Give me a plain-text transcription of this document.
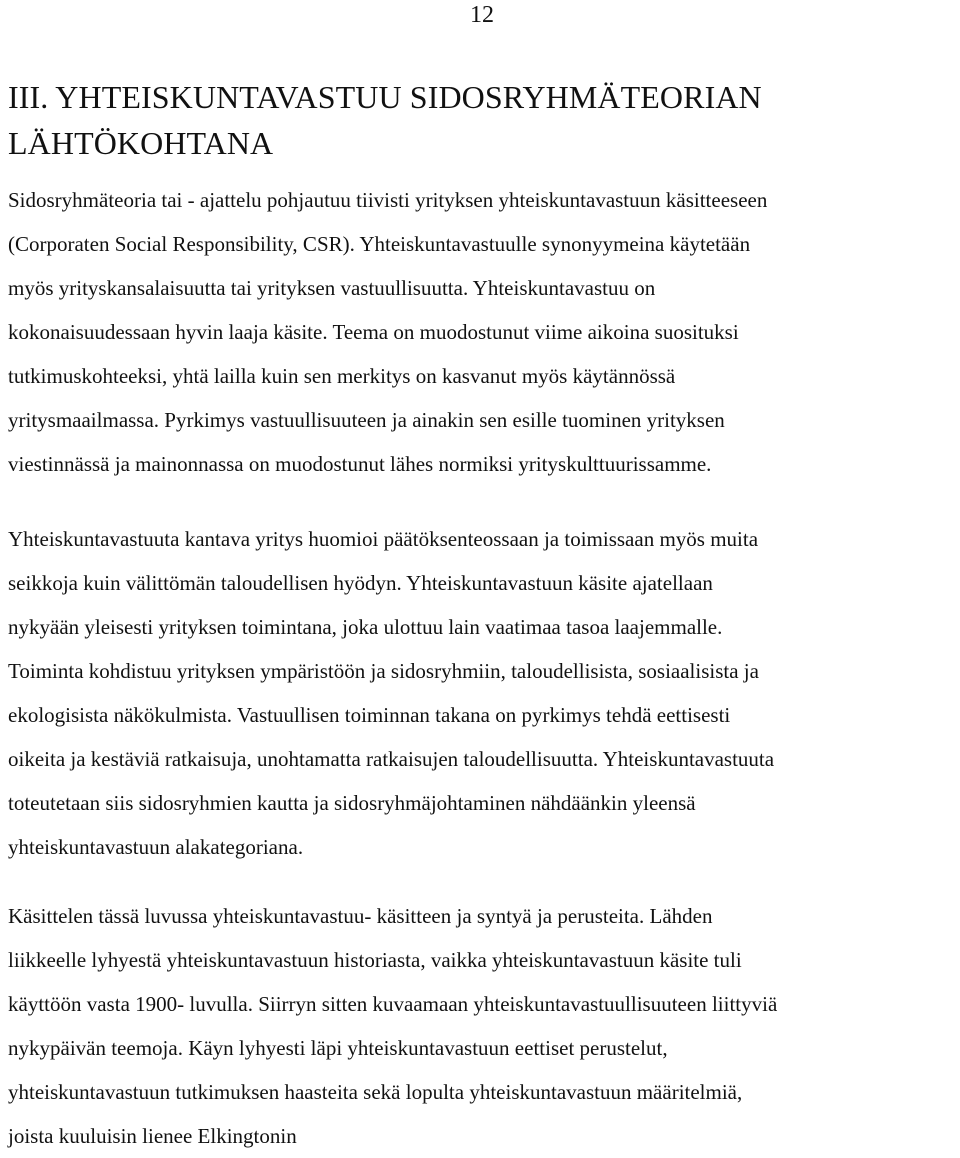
12
III. YHTEISKUNTAVASTUU SIDOSRYHMÄTEORIAN
LÄHTÖKOHTANA

Sidosryhmäteoria tai - ajattelu pohjautuu tiivisti yrityksen yhteiskuntavastuun käsitteeseen
(Corporaten Social Responsibility, CSR). Yhteiskuntavastuulle synonyymeina käytetään
myös yrityskansalaisuutta tai yrityksen vastuullisuutta. Yhteiskuntavastuu on
kokonaisuudessaan hyvin laaja käsite. Teema on muodostunut viime aikoina suosituksi
tutkimuskohteeksi, yhtä lailla kuin sen merkitys on kasvanut myös käytännössä
yritysmaailmassa. Pyrkimys vastuullisuuteen ja ainakin sen esille tuominen yrityksen
viestinnässä ja mainonnassa on muodostunut lähes normiksi yrityskulttuurissamme.

Yhteiskuntavastuuta kantava yritys huomioi päätöksenteossaan ja toimissaan myös muita
seikkoja kuin välittömän taloudellisen hyödyn. Yhteiskuntavastuun käsite ajatellaan
nykyään yleisesti yrityksen toimintana, joka ulottuu lain vaatimaa tasoa laajemmalle.
Toiminta kohdistuu yrityksen ympäristöön ja sidosryhmiin, taloudellisista, sosiaalisista ja
ekologisista näkökulmista. Vastuullisen toiminnan takana on pyrkimys tehdä eettisesti
oikeita ja kestäviä ratkaisuja, unohtamatta ratkaisujen taloudellisuutta. Yhteiskuntavastuuta
toteutetaan siis sidosryhmien kautta ja sidosryhmäjohtaminen nähdäänkin yleensä
yhteiskuntavastuun alakategoriana.

Käsittelen tässä luvussa yhteiskuntavastuu- käsitteen ja syntyä ja perusteita. Lähden
liikkeelle lyhyestä yhteiskuntavastuun historiasta, vaikka yhteiskuntavastuun käsite tuli
käyttöön vasta 1900- luvulla. Siirryn sitten kuvaamaan yhteiskuntavastuullisuuteen liittyviä
nykypäivän teemoja. Käyn lyhyesti läpi yhteiskuntavastuun eettiset perustelut,
yhteiskuntavastuun tutkimuksen haasteita sekä lopulta yhteiskuntavastuun määritelmiä,
joista kuuluisin lienee Elkingtonin
